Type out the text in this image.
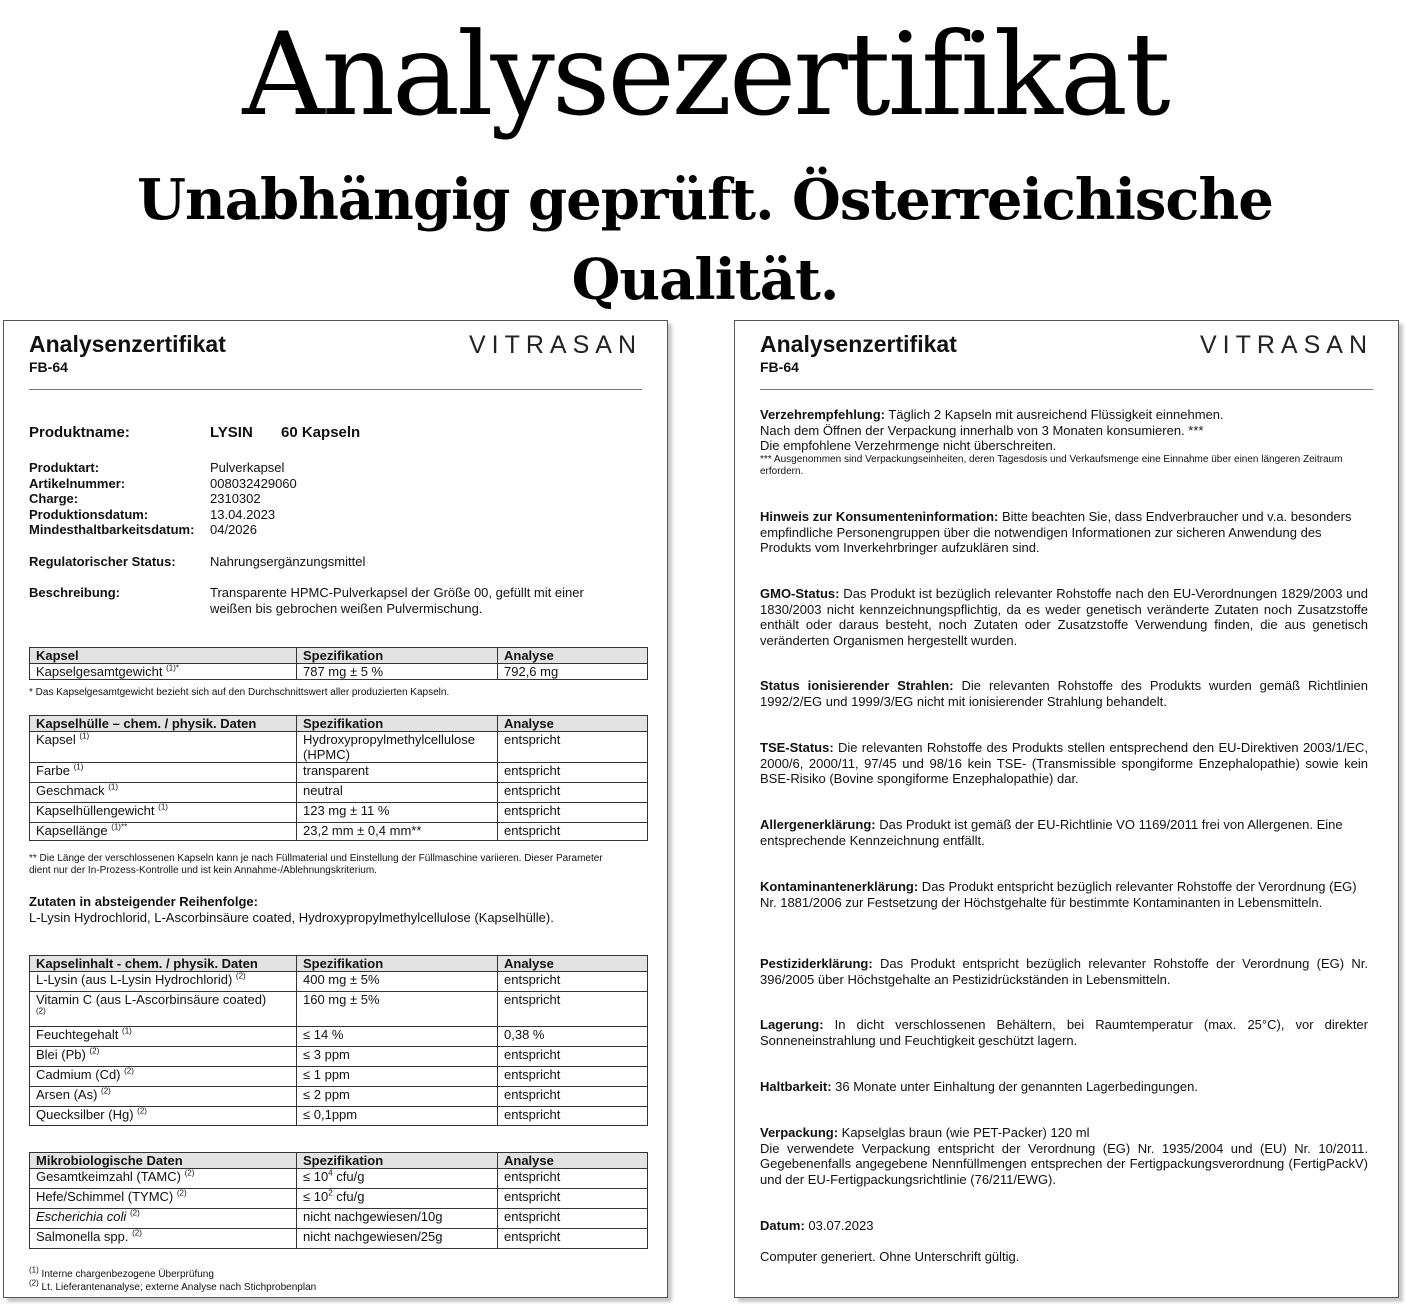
Analysezertifikat
Unabhängig geprüft. Österreichische Qualität.
Analysenzertifikat
FB-64
VITRASAN
Produktname:	LYSIN 60 Kapseln
Produktart:	Pulverkapsel
Artikelnummer:	008032429060
Charge:	2310302
Produktionsdatum:	13.04.2023
Mindesthaltbarkeitsdatum: 04/2026
Regulatorischer Status:	Nahrungsergänzungsmittel
Beschreibung:	Transparente HPMC-Pulverkapsel der Größe 00, gefüllt mit einer weißen bis gebrochen weißen Pulvermischung.
Kapsel	Spezifikation	Analyse
Kapselgesamtgewicht $^{(1)*}$	787 mg ± 5 %	792,6 mg
* Das Kapselgesamtgewicht bezieht sich auf den Durchschnittswert aller produzierten Kapseln.
Kapselhülle – chem. / physik. Daten	Spezifikation	Analyse
Kapsel $^{(1)}$	Hydroxypropylmethylcellulose (HPMC)	entspricht
Farbe $^{(1)}$	transparent	entspricht
Geschmack $^{(1)}$	neutral	entspricht
Kapselhüllengewicht $^{(1)}$	123 mg ± 11 %	entspricht
Kapsellänge $^{(1)**}$	23,2 mm ± 0,4 mm**	entspricht
** Die Länge der verschlossenen Kapseln kann je nach Füllmaterial und Einstellung der Füllmaschine variieren. Dieser Parameter dient nur der In-Prozess-Kontrolle und ist kein Annahme-/Ablehnungskriterium.
Zutaten in absteigender Reihenfolge:
L-Lysin Hydrochlorid, L-Ascorbinsäure coated, Hydroxypropylmethylcellulose (Kapselhülle).
Kapselinhalt - chem. / physik. Daten	Spezifikation	Analyse
L-Lysin (aus L-Lysin Hydrochlorid) $^{(2)}$	400 mg ± 5%	entspricht
Vitamin C (aus L-Ascorbinsäure coated)
$^{(2)}$	160 mg ± 5%	entspricht
Feuchtegehalt $^{(1)}$	≤ 14 %	0,38 %
Blei (Pb) $^{(2)}$	≤ 3 ppm	entspricht
Cadmium (Cd) $^{(2)}$	≤ 1 ppm	entspricht
Arsen (As) $^{(2)}$	≤ 2 ppm	entspricht
Quecksilber (Hg) $^{(2)}$	≤ 0,1ppm	entspricht
Mikrobiologische Daten	Spezifikation	Analyse
Gesamtkeimzahl (TAMC) $^{(2)}$	≤ $10^4$ cfu/g	entspricht
Hefe/Schimmel (TYMC) $^{(2)}$	≤ $10^2$ cfu/g	entspricht
Escherichia coli $^{(2)}$	nicht nachgewiesen/10g	entspricht
Salmonella spp. $^{(2)}$	nicht nachgewiesen/25g	entspricht
$^{(1)}$ Interne chargenbezogene Überprüfung
$^{(2)}$ Lt. Lieferantenanalyse; externe Analyse nach Stichprobenplan
Analysenzertifikat
FB-64
VITRASAN
Verzehrempfehlung: Täglich 2 Kapseln mit ausreichend Flüssigkeit einnehmen.
Nach dem Öffnen der Verpackung innerhalb von 3 Monaten konsumieren. ***
Die empfohlene Verzehrmenge nicht überschreiten.
*** Ausgenommen sind Verpackungseinheiten, deren Tagesdosis und Verkaufsmenge eine Einnahme über einen längeren Zeitraum erfordern.
Hinweis zur Konsumenteninformation: Bitte beachten Sie, dass Endverbraucher und v.a. besonders empfindliche Personengruppen über die notwendigen Informationen zur sicheren Anwendung des Produkts vom Inverkehrbringer aufzuklären sind.
GMO-Status: Das Produkt ist bezüglich relevanter Rohstoffe nach den EU-Verordnungen 1829/2003 und 1830/2003 nicht kennzeichnungspflichtig, da es weder genetisch veränderte Zutaten noch Zusatzstoffe enthält oder daraus besteht, noch Zutaten oder Zusatzstoffe Verwendung finden, die aus genetisch veränderten Organismen hergestellt wurden.
Status ionisierender Strahlen: Die relevanten Rohstoffe des Produkts wurden gemäß Richtlinien 1992/2/EG und 1999/3/EG nicht mit ionisierender Strahlung behandelt.
TSE-Status: Die relevanten Rohstoffe des Produkts stellen entsprechend den EU-Direktiven 2003/1/EC, 2000/6, 2000/11, 97/45 und 98/16 kein TSE- (Transmissible spongiforme Enzephalopathie) sowie kein BSE-Risiko (Bovine spongiforme Enzephalopathie) dar.
Allergenerklärung: Das Produkt ist gemäß der EU-Richtlinie VO 1169/2011 frei von Allergenen. Eine entsprechende Kennzeichnung entfällt.
Kontaminantenerklärung: Das Produkt entspricht bezüglich relevanter Rohstoffe der Verordnung (EG) Nr. 1881/2006 zur Festsetzung der Höchstgehalte für bestimmte Kontaminanten in Lebensmitteln.
Pestiziderklärung: Das Produkt entspricht bezüglich relevanter Rohstoffe der Verordnung (EG) Nr. 396/2005 über Höchstgehalte an Pestizidrückständen in Lebensmitteln.
Lagerung: In dicht verschlossenen Behältern, bei Raumtemperatur (max. 25°C), vor direkter Sonneneinstrahlung und Feuchtigkeit geschützt lagern.
Haltbarkeit: 36 Monate unter Einhaltung der genannten Lagerbedingungen.
Verpackung: Kapselglas braun (wie PET-Packer) 120 ml
Die verwendete Verpackung entspricht der Verordnung (EG) Nr. 1935/2004 und (EU) Nr. 10/2011. Gegebenenfalls angegebene Nennfüllmengen entsprechen der Fertigpackungsverordnung (FertigPackV) und der EU-Fertigpackungsrichtlinie (76/211/EWG).
Datum: 03.07.2023
Computer generiert. Ohne Unterschrift gültig.
